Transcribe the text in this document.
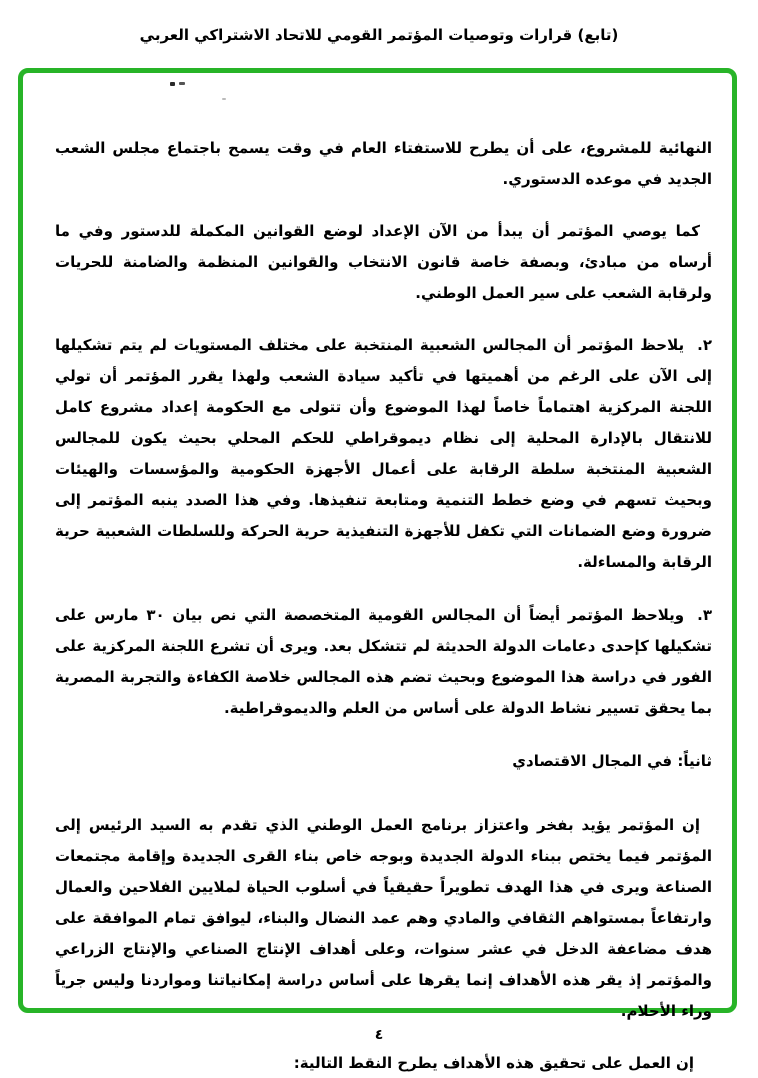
(تابع) قرارات وتوصيات المؤتمر القومي للاتحاد الاشتراكي العربي

النهائية للمشروع، على أن يطرح للاستفتاء العام في وقت يسمح باجتماع مجلس الشعب الجديد في موعده الدستوري.

كما يوصي المؤتمر أن يبدأ من الآن الإعداد لوضع القوانين المكملة للدستور وفي ما أرساه من مبادئ، وبصفة خاصة قانون الانتخاب والقوانين المنظمة والضامنة للحريات ولرقابة الشعب على سير العمل الوطني.

٢.يلاحظ المؤتمر أن المجالس الشعبية المنتخبة على مختلف المستويات لم يتم تشكيلها إلى الآن على الرغم من أهميتها في تأكيد سيادة الشعب ولهذا يقرر المؤتمر أن تولي اللجنة المركزية اهتماماً خاصاً لهذا الموضوع وأن تتولى مع الحكومة إعداد مشروع كامل للانتقال بالإدارة المحلية إلى نظام ديموقراطي للحكم المحلي بحيث يكون للمجالس الشعبية المنتخبة سلطة الرقابة على أعمال الأجهزة الحكومية والمؤسسات والهيئات وبحيث تسهم في وضع خطط التنمية ومتابعة تنفيذها. وفي هذا الصدد ينبه المؤتمر إلى ضرورة وضع الضمانات التي تكفل للأجهزة التنفيذية حرية الحركة وللسلطات الشعبية حرية الرقابة والمساءلة.
٣.ويلاحظ المؤتمر أيضاً أن المجالس القومية المتخصصة التي نص بيان ٣٠ مارس على تشكيلها كإحدى دعامات الدولة الحديثة لم تتشكل بعد. ويرى أن تشرع اللجنة المركزية على الفور في دراسة هذا الموضوع وبحيث تضم هذه المجالس خلاصة الكفاءة والتجربة المصرية بما يحقق تسيير نشاط الدولة على أساس من العلم والديموقراطية.
ثانياً: في المجال الاقتصادي

إن المؤتمر يؤيد بفخر واعتزاز برنامج العمل الوطني الذي تقدم به السيد الرئيس إلى المؤتمر فيما يختص ببناء الدولة الجديدة وبوجه خاص بناء القرى الجديدة وإقامة مجتمعات الصناعة ويرى في هذا الهدف تطويراً حقيقياً في أسلوب الحياة لملايين الفلاحين والعمال وارتفاعاً بمستواهم الثقافي والمادي وهم عمد النضال والبناء، ليوافق تمام الموافقة على هدف مضاعفة الدخل في عشر سنوات، وعلى أهداف الإنتاج الصناعي والإنتاج الزراعي والمؤتمر إذ يقر هذه الأهداف إنما يقرها على أساس دراسة إمكانياتنا ومواردنا وليس جرياً وراء الأحلام.

إن العمل على تحقيق هذه الأهداف يطرح النقط التالية:

٤
